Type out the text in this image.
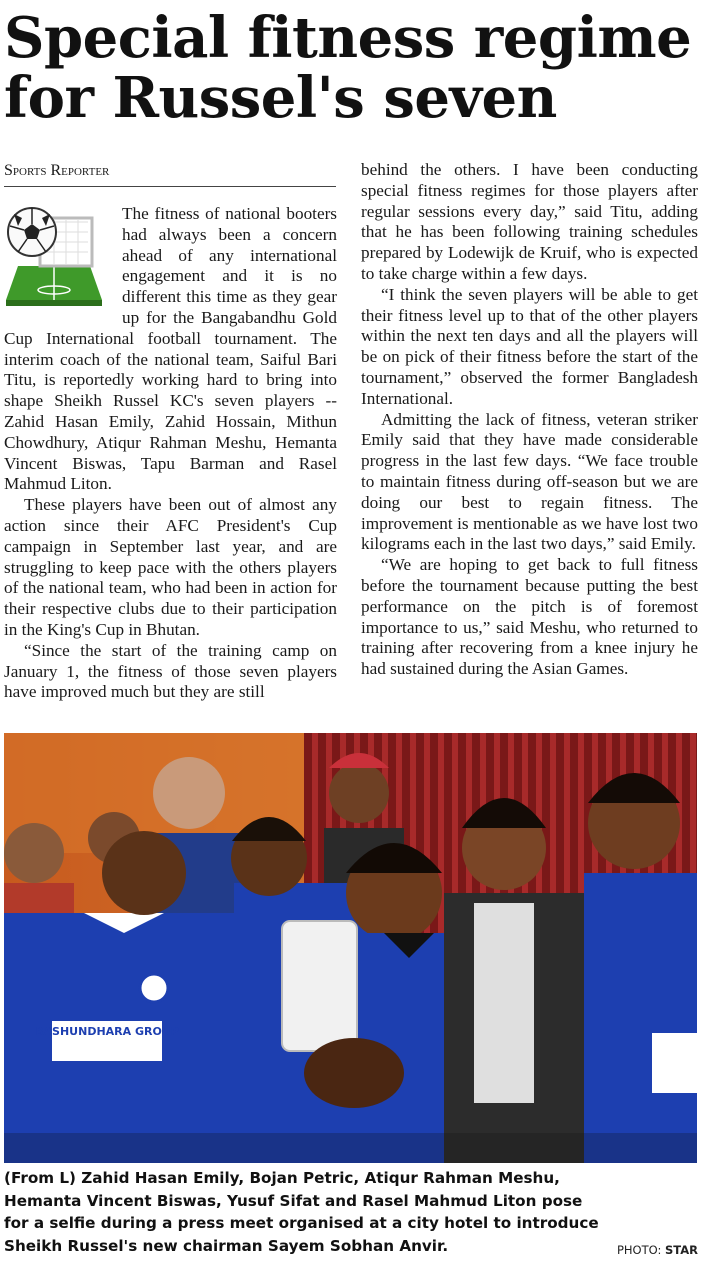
Special fitness regime for Russel's seven
Sports Reporter

The fitness of national booters had always been a concern ahead of any international engagement and it is no different this time as they gear up for the Bangabandhu Gold Cup International football tournament. The interim coach of the national team, Saiful Bari Titu, is reportedly working hard to bring into shape Sheikh Russel KC's seven players -- Zahid Hasan Emily, Zahid Hossain, Mithun Chowdhury, Atiqur Rahman Meshu, Hemanta Vincent Biswas, Tapu Barman and Rasel Mahmud Liton.

These players have been out of almost any action since their AFC President's Cup campaign in September last year, and are struggling to keep pace with the others players of the national team, who had been in action for their respective clubs due to their participation in the King's Cup in Bhutan.

“Since the start of the training camp on January 1, the fitness of those seven players have improved much but they are still

behind the others. I have been conducting special fitness regimes for those players after regular sessions every day,” said Titu, adding that he has been following training schedules prepared by Lodewijk de Kruif, who is expected to take charge within a few days.

“I think the seven players will be able to get their fitness level up to that of the other players within the next ten days and all the players will be on pick of their fitness before the start of the tournament,” observed the former Bangladesh International.

Admitting the lack of fitness, veteran striker Emily said that they have made considerable progress in the last few days. “We face trouble to maintain fitness during off-season but we are doing our best to regain fitness. The improvement is mentionable as we have lost two kilograms each in the last two days,” said Emily.

“We are hoping to get back to full fitness before the tournament because putting the best performance on the pitch is of foremost importance to us,” said Meshu, who returned to training after recovering from a knee injury he had sustained during the Asian Games.

BASHUNDHARA GROUP
(From L) Zahid Hasan Emily, Bojan Petric, Atiqur Rahman Meshu, Hemanta Vincent Biswas, Yusuf Sifat and Rasel Mahmud Liton pose for a selfie during a press meet organised at a city hotel to introduce Sheikh Russel's new chairman Sayem Sobhan Anvir.	PHOTO: STAR
